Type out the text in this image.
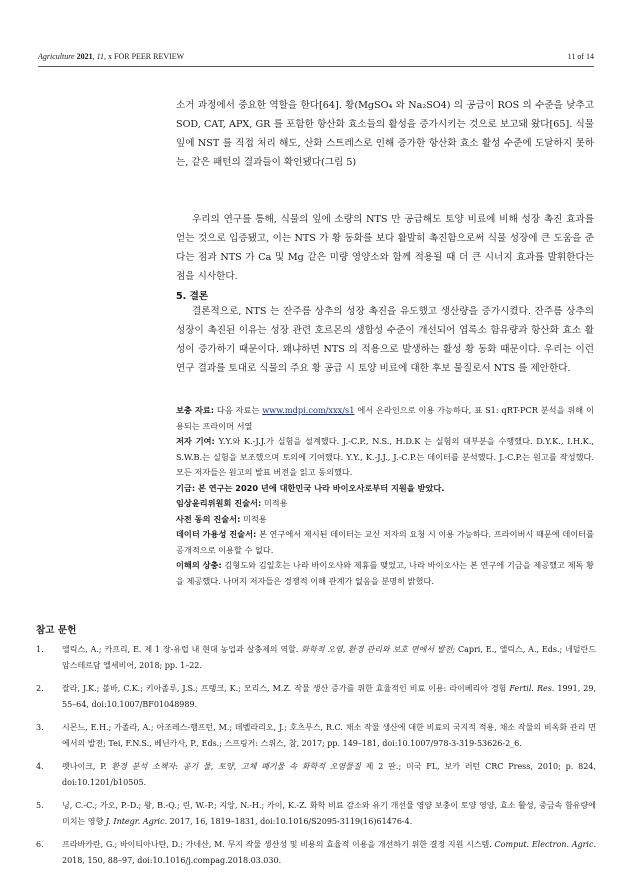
Agriculture 2021, 11, x FOR PEER REVIEW	11 of 14

소거 과정에서 중요한 역할을 한다[64]. 황(MgSO₄ 와 Na₂SO4) 의 공급이 ROS 의 수준을 낮추고 SOD, CAT, APX, GR 를 포함한 항산화 효소들의 활성을 증가시키는 것으로 보고돼 왔다[65]. 식물 잎에 NST 를 직접 처리 해도, 산화 스트레스로 인해 증가한 항산화 효소 활성 수준에 도달하지 못하는, 같은 패턴의 결과들이 확인됐다(그림 5)

우리의 연구를 통해, 식물의 잎에 소량의 NTS 만 공급해도 토양 비료에 비해 성장 촉진 효과를 얻는 것으로 입증됐고, 이는 NTS 가 황 동화를 보다 활발히 촉진함으로써 식물 성장에 큰 도움을 준다는 점과 NTS 가 Ca 및 Mg 같은 미량 영양소와 함께 적용될 때 더 큰 시너지 효과를 발휘한다는 점을 시사한다.

5. 결론

결론적으로, NTS 는 잔주름 상추의 성장 촉진을 유도했고 생산량을 증가시켰다. 잔주름 상추의 성장이 촉진된 이유는 성장 관련 호르몬의 생합성 수준이 개선되어 엽록소 함유량과 항산화 효소 활성이 증가하기 때문이다. 왜냐하면 NTS 의 적용으로 발생하는 활성 황 동화 때문이다. 우리는 이런 연구 결과를 토대로 식물의 주요 황 공급 시 토양 비료에 대한 후보 물질로서 NTS 를 제안한다.

보충 자료: 다음 자료는 www.mdpi.com/xxx/s1 에서 온라인으로 이용 가능하다, 표 S1: qRT-PCR 분석을 위해 이용되는 프라이머 서열

저자 기여: Y.Y.와 K.-J.J.가 실험을 설계했다. J.-C.P., N.S., H.D.K 는 실험의 대부분을 수행했다. D.Y.K., I.H.K., S.W.B.는 실험을 보조했으며 토의에 기여했다. Y.Y., K.-J.J., J.-C.P.는 데이터를 분석했다. J.-C.P.는 원고를 작성했다. 모든 저자들은 원고의 발표 버전을 읽고 동의했다.

기금: 본 연구는 2020 년에 대한민국 나라 바이오사로부터 지원을 받았다.

임상윤리위원회 진술서: 미적용

사전 동의 진술서: 미적용

데이터 가용성 진술서: 본 연구에서 제시된 데이터는 교신 저자의 요청 시 이용 가능하다. 프라이버시 때문에 데이터를 공개적으로 이용할 수 없다.

이해의 상충: 김형도와 김일호는 나라 바이오사와 제휴를 맺었고, 나라 바이오사는 본 연구에 기금을 제공했고 제독 황을 제공했다. 나머지 저자들은 경쟁적 이해 관계가 없음을 분명히 밝혔다.

참고 문헌
1. 앨릭스, A.; 카프리, E. 제 1 장-유럽 내 현대 농업과 살충제의 역할. 화학적 오염, 환경 관리와 보호 면에서 발전; Capri, E., 앨릭스, A., Eds.; 네덜란드 암스테르담 엘세비어, 2018; pp. 1–22.
2. 잘라, J.K.; 볼바, C.K.; 키아졸루, J.S.; 프랭크, K.; 모리스, M.Z. 작물 생산 증가를 위한 효율적인 비료 이용: 라이베리아 경험 Fertil. Res. 1991, 29, 55–64, doi:10.1007/BF01048989.
3. 시몬느, E.H.; 가졸라, A.; 아조레스-햄프턴, M.; 데벨라리오, J.; 호츠무스, R.C. 채소 작물 생산에 대한 비료의 국지적 적용, 채소 작물의 비옥화 관리 면에서의 발전; Tei, F.N.S., 베닌카사, P., Eds.; 스프링거: 스위스, 참, 2017; pp. 149–181, doi:10.1007/978-3-319-53626-2_6.
4. 펫나이크, P. 환경 분석 소책자: 공기 물, 토양, 고체 폐기물 속 화학적 오염물질 제 2 판.; 미국 FL, 보카 러턴 CRC Press, 2010; p. 824, doi:10.1201/b10505.
5. 닝, C.-C.; 가오, P.-D.; 왕, B.-Q.; 린, W.-P.; 지앙, N.-H.; 카이, K.-Z. 화학 비료 감소와 유기 개선물 영양 보충이 토양 영양, 효소 활성, 중금속 함유량에 미치는 영향 J. Integr. Agric. 2017, 16, 1819–1831, doi:10.1016/S2095-3119(16)61476-4.
6. 프라바카란, G.; 바이티아나탄, D.; 가네산, M. 무지 작물 생산성 및 비용의 효율적 이용을 개선하기 위한 결정 지원 시스템. Comput. Electron. Agric. 2018, 150, 88–97, doi:10.1016/j.compag.2018.03.030.
